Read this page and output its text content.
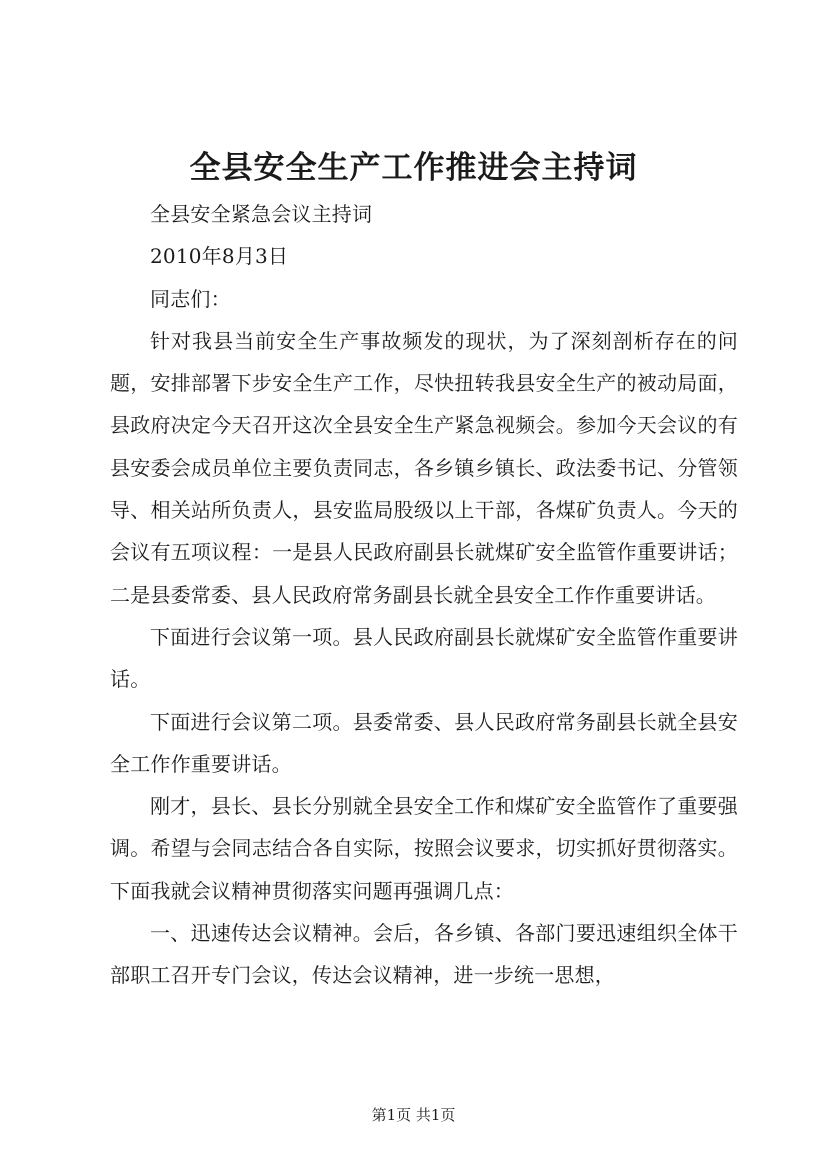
全县安全生产工作推进会主持词

全县安全紧急会议主持词

2010年8月3日

同志们：

针对我县当前安全生产事故频发的现状，为了深刻剖析存在的问题，安排部署下步安全生产工作，尽快扭转我县安全生产的被动局面，县政府决定今天召开这次全县安全生产紧急视频会。参加今天会议的有县安委会成员单位主要负责同志，各乡镇乡镇长、政法委书记、分管领导、相关站所负责人，县安监局股级以上干部，各煤矿负责人。今天的会议有五项议程：一是县人民政府副县长就煤矿安全监管作重要讲话；二是县委常委、县人民政府常务副县长就全县安全工作作重要讲话。

下面进行会议第一项。县人民政府副县长就煤矿安全监管作重要讲话。

下面进行会议第二项。县委常委、县人民政府常务副县长就全县安全工作作重要讲话。

刚才，县长、县长分别就全县安全工作和煤矿安全监管作了重要强调。希望与会同志结合各自实际，按照会议要求，切实抓好贯彻落实。下面我就会议精神贯彻落实问题再强调几点：

一、迅速传达会议精神。会后，各乡镇、各部门要迅速组织全体干部职工召开专门会议，传达会议精神，进一步统一思想，

第1页 共1页
